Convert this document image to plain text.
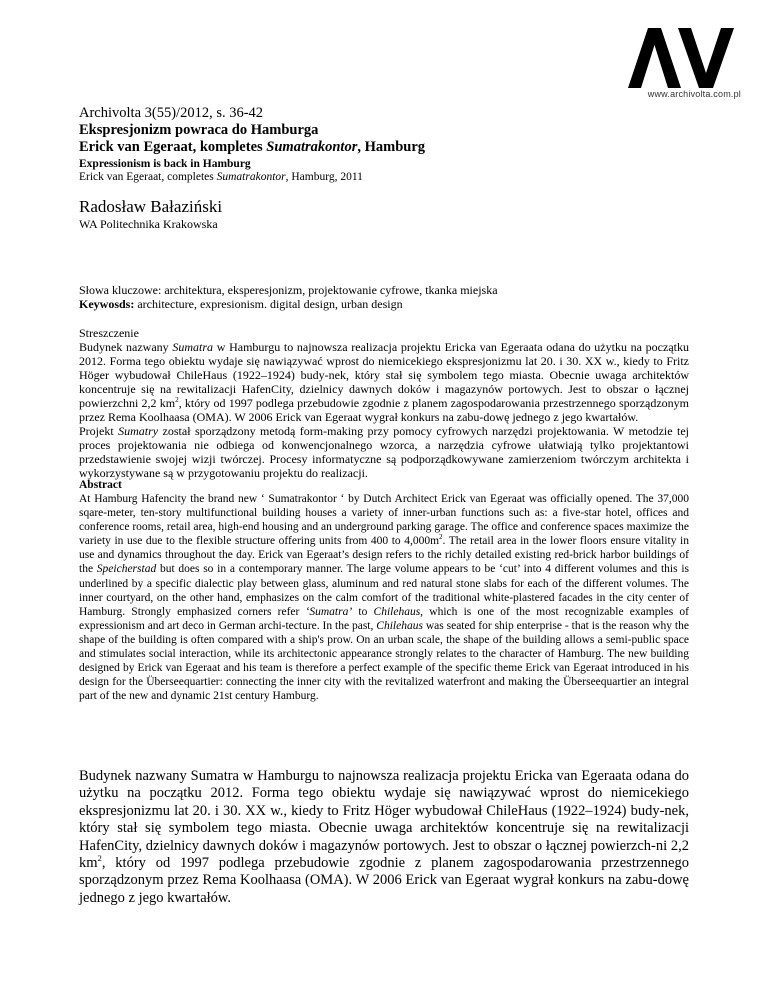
www.archivolta.com.pl
Archivolta 3(55)/2012, s. 36-42
Ekspresjonizm powraca do Hamburga
Erick van Egeraat, kompletes Sumatrakontor, Hamburg
Expressionism is back in Hamburg
Erick van Egeraat, completes Sumatrakontor, Hamburg, 2011
Radosław Bałaziński
WA Politechnika Krakowska
Słowa kluczowe: architektura, eksperesjonizm, projektowanie cyfrowe, tkanka miejska
Keywosds: architecture, expresionism. digital design, urban design
Streszczenie

Budynek nazwany Sumatra w Hamburgu to najnowsza realizacja projektu Ericka van Egeraata odana do użytku na początku 2012. Forma tego obiektu wydaje się nawiązywać wprost do niemicekiego ekspresjonizmu lat 20. i 30. XX w., kiedy to Fritz Höger wybudował ChileHaus (1922–1924) budy-nek, który stał się symbolem tego miasta. Obecnie uwaga architektów koncentruje się na rewitalizacji HafenCity, dzielnicy dawnych doków i magazynów portowych. Jest to obszar o łącznej powierzchni 2,2 $km^2$, który od 1997 podlega przebudowie zgodnie z planem zagospodarowania przestrzennego sporządzonym przez Rema Koolhaasa (OMA). W 2006 Erick van Egeraat wygrał konkurs na zabu-dowę jednego z jego kwartałów.

Projekt Sumatry został sporządzony metodą form-making przy pomocy cyfrowych narzędzi projektowania. W metodzie tej proces projektowania nie odbiega od konwencjonalnego wzorca, a narzędzia cyfrowe ułatwiają tylko projektantowi przedstawienie swojej wizji twórczej. Procesy informatyczne są podporządkowywane zamierzeniom twórczym architekta i wykorzystywane są w przygotowaniu projektu do realizacji.

Abstract
At Hamburg Hafencity the brand new ‘ Sumatrakontor ‘ by Dutch Architect Erick van Egeraat was officially opened. The 37,000 sqare-meter, ten-story multifunctional building houses a variety of inner-urban functions such as: a five-star hotel, offices and conference rooms, retail area, high-end housing and an underground parking garage. The office and conference spaces maximize the variety in use due to the flexible structure offering units from 400 to $4,000m^2$. The retail area in the lower floors ensure vitality in use and dynamics throughout the day. Erick van Egeraat’s design refers to the richly detailed existing red-brick harbor buildings of the Speicherstad but does so in a contemporary manner. The large volume appears to be ‘cut’ into 4 different volumes and this is underlined by a specific dialectic play between glass, aluminum and red natural stone slabs for each of the different volumes. The inner courtyard, on the other hand, emphasizes on the calm comfort of the traditional white-plastered facades in the city center of Hamburg. Strongly emphasized corners refer ‘Sumatra’ to Chilehaus, which is one of the most recognizable examples of expressionism and art deco in German archi-tecture. In the past, Chilehaus was seated for ship enterprise - that is the reason why the shape of the building is often compared with a ship's prow. On an urban scale, the shape of the building allows a semi-public space and stimulates social interaction, while its architectonic appearance strongly relates to the character of Hamburg. The new building designed by Erick van Egeraat and his team is therefore a perfect example of the specific theme Erick van Egeraat introduced in his design for the Überseequartier: connecting the inner city with the revitalized waterfront and making the Überseequartier an integral part of the new and dynamic 21st century Hamburg.
Budynek nazwany Sumatra w Hamburgu to najnowsza realizacja projektu Ericka van Egeraata odana do użytku na początku 2012. Forma tego obiektu wydaje się nawiązywać wprost do niemicekiego ekspresjonizmu lat 20. i 30. XX w., kiedy to Fritz Höger wybudował ChileHaus (1922–1924) budy-nek, który stał się symbolem tego miasta. Obecnie uwaga architektów koncentruje się na rewitalizacji HafenCity, dzielnicy dawnych doków i magazynów portowych. Jest to obszar o łącznej powierzch-ni 2,2 $km^2$, który od 1997 podlega przebudowie zgodnie z planem zagospodarowania przestrzennego sporządzonym przez Rema Koolhaasa (OMA). W 2006 Erick van Egeraat wygrał konkurs na zabu-dowę jednego z jego kwartałów.
